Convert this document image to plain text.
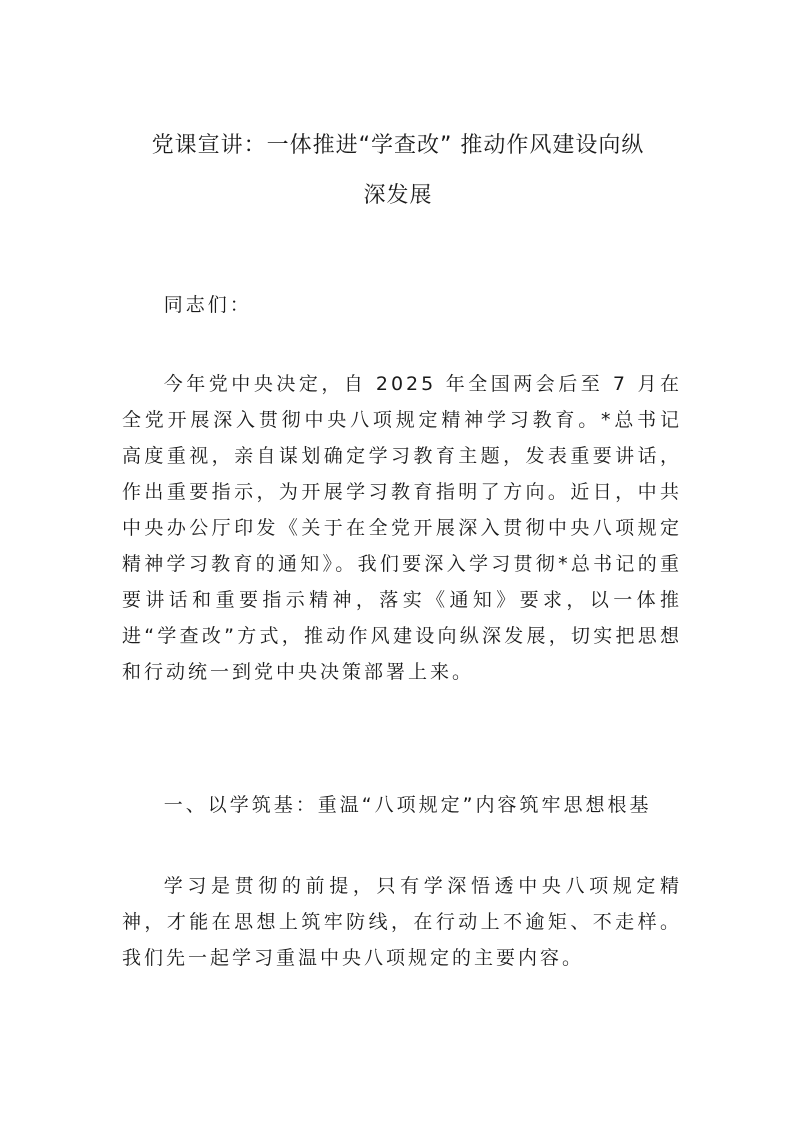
党课宣讲：一体推进“学查改” 推动作风建设向纵
深发展
同志们：
今年党中央决定，自 2025 年全国两会后至 7 月在全党开展深入贯彻中央八项规定精神学习教育。*总书记高度重视，亲自谋划确定学习教育主题，发表重要讲话，作出重要指示，为开展学习教育指明了方向。近日，中共中央办公厅印发《关于在全党开展深入贯彻中央八项规定精神学习教育的通知》。我们要深入学习贯彻*总书记的重要讲话和重要指示精神，落实《通知》要求，以一体推进“学查改”方式，推动作风建设向纵深发展，切实把思想和行动统一到党中央决策部署上来。
一、以学筑基：重温“八项规定”内容筑牢思想根基
学习是贯彻的前提，只有学深悟透中央八项规定精神，才能在思想上筑牢防线，在行动上不逾矩、不走样。我们先一起学习重温中央八项规定的主要内容。
